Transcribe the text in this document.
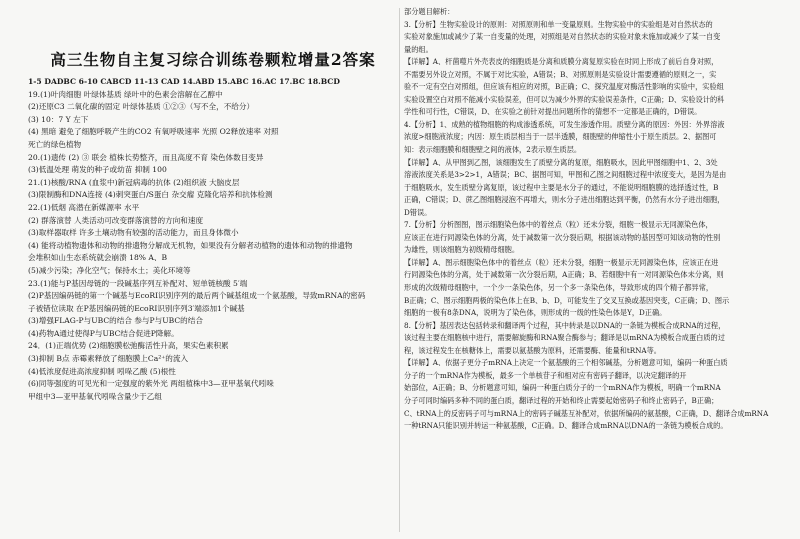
高三生物自主复习综合训练卷颗粒增量2答案
1-5 DADBC 6-10 CABCD 11-13 CAD 14.ABD 15.ABC 16.AC 17.BC 18.BCD
19.(1)叶肉细胞 叶绿体基质 绿叶中的色素会溶解在乙醇中
(2)还原C3 二氧化碳的固定 叶绿体基质 ①②③（写不全，不给分）
(3) 10：7 Y 左下
(4) 黑暗 避免了细胞呼吸产生的CO2 有氧呼吸速率 光照 O2释放速率 对照
死亡的绿色植物
20.(1)遗传 (2) ③ 联会 植株长势整齐，而且高度不育 染色体数目变异
(3)低温处理 萌发的种子或幼苗 抑制 100
21.(1)核酸/RNA (血浆中)新冠病毒的抗体 (2)组织液 大脑皮层
(3)限制酶和DNA连接 (4)刺突蛋白/S蛋白 杂交瘤 克隆化培养和抗体检测
22.(1)低烟 高潜在新媒源率 水平
(2) 群落演替 人类活动可改变群落演替的方向和速度
(3)取样器取样 许多土壤动物有较强的活动能力，而且身体微小
(4) 能将动植物遗体和动物的排遗物分解成无机物，如果没有分解者动植物的遗体和动物的排遗物
会堆积如山生态系统就会崩溃 18% A、B
(5)减少污染；净化空气；保持水土；美化环境等
23.(1)能与P基因母链的一段碱基序列互补配对、短单链核酸 5′端
(2)P基因编码链的第一个碱基与EcoRⅠ识别序列的最后两个碱基组成一个氨基酸，导致mRNA的密码
子被错位读取 在P基因编码链的EcoRⅠ识别序列3′端添加1个碱基
(3)增强FLAG-P与UBC的结合 参与P与UBC的结合
(4)药物A通过使得P与UBC结合促进P降解。
24．(1)正端优势 (2)细胞膜松弛酶活性升高，果实色素积累
(3)抑制 B点 赤霉素释放了细胞膜上Ca²⁺的流入
(4)低浓度促进高浓度抑制 吲哚乙酸 (5)根性
(6)同等强度的可见光和一定强度的紫外光 两组植株中3—亚甲基氧代吲哚
甲组中3—亚甲基氧代吲哚含量少于乙组
部分题目解析：
3.【分析】生物实验设计的原则：对照原则和单一变量原则。生物实验中的实验组是对自然状态的
实验对象施加或减少了某一自变量的处理，对照组是对自然状态的实验对象未施加或减少了某一自变
量的组。
【详解】A、杆菌噬片外壳表皮的细胞质是分离和质膜分离复原实验在时同上形成了前后自身对照，
不需要另外设立对照，不属于对比实验，A错误；B、对照原则是实验设计需要遵循的原则之一，实
验不一定有空白对照组，但应该有相应的对照，B正确；C、探究温度对酶活性影响的实验中，实验组
实验设置空白对照不能减小实验误差，但可以为减少外界的实验误差条件，C正确；D、实验设计的科
学性和可行性，C错误，D、在实验之前针对提出问题所作的猜想不一定都是正确的，D错误。
4.【分析】1、成熟的植物细胞的构成渗透系统，可发生渗透作用。质壁分离的原因：外因：外界溶液
浓度>细胞液浓度；内因：原生质层相当于一层半透膜，细胞壁的伸缩性小于原生质层。2、据图可
知：表示细胞膜和细胞壁之间的液体，2表示原生质层。
【详解】A、从甲图到乙图，该细胞发生了质壁分离的复原，细胞吸水，因此甲图细胞中1、2、3处
溶液浓度关系是3>2>1，A错误；BC、据图可知，甲图和乙图之间细胞过程中浓度变大，是因为是由
于细胞吸水，发生质壁分离复原，该过程中主要是水分子的通过，不能说明细胞膜的选择透过性，B
正确，C错误；D、蔗乙图细胞浸泡不再增大，则水分子进出细胞达到平衡，仍然有水分子进出细胞，
D错误。
7.【分析】分析图图，图示细胞染色体中的着丝点（粒）还未分裂，细胞一极显示无同源染色体，
应该正在进行同源染色体的分离，处于减数第一次分裂后期，根据该动物的基因型可知该动物的性别
为雄性，则该细胞为初级精母细胞。
【详解】A、图示细胞染色体中的着丝点（粒）还未分裂，细胞一极显示无同源染色体，应该正在进
行同源染色体的分离，处于减数第一次分裂后期，A正确；B、若细胞中有一对同源染色体未分离，则
形成的次级精母细胞中，一个少一条染色体，另一个多一条染色体，导致形成的四个精子都异常，
B正确；C、图示细胞两极的染色体上在B、b、D，可能发生了交叉互换或基因突变，C正确；D、图示
细胞的一极有8条DNA，说明为了染色体，则形成的一级的性染色体是Y，D正确。
8.【分析】基因表达包括转录和翻译两个过程，其中转录是以DNA的一条链为模板合成RNA的过程，
该过程主要在细胞核中进行，需要解旋酶和RNA聚合酶参与；翻译是以mRNA为模板合成蛋白质的过
程，该过程发生在核糖体上，需要以氨基酸为原料，还需要酶、能量和tRNA等。
【详解】A、依据子更分子mRNA上决定一个氨基酸的三个相邻碱基，分析题意可知，编码一种蛋白质
分子的一个mRNA作为模板，最多一个单核苷子和相对应有密码子翻译，以决定翻译的开
始部位，A正确；B、分析题意可知，编码一种蛋白质分子的一个mRNA作为模板，明确一个mRNA
分子可同时编码多种不同的蛋白质，翻译过程的开始和终止需要起始密码子和终止密码子，B正确；
C、tRNA上的反密码子可与mRNA上的密码子碱基互补配对，依据所编码的氨基酸，C正确，D、翻译合成mRNA
一种tRNA只能识别并转运一种氨基酸，C正确。D、翻译合成mRNA以DNA的一条链为模板合成的。
